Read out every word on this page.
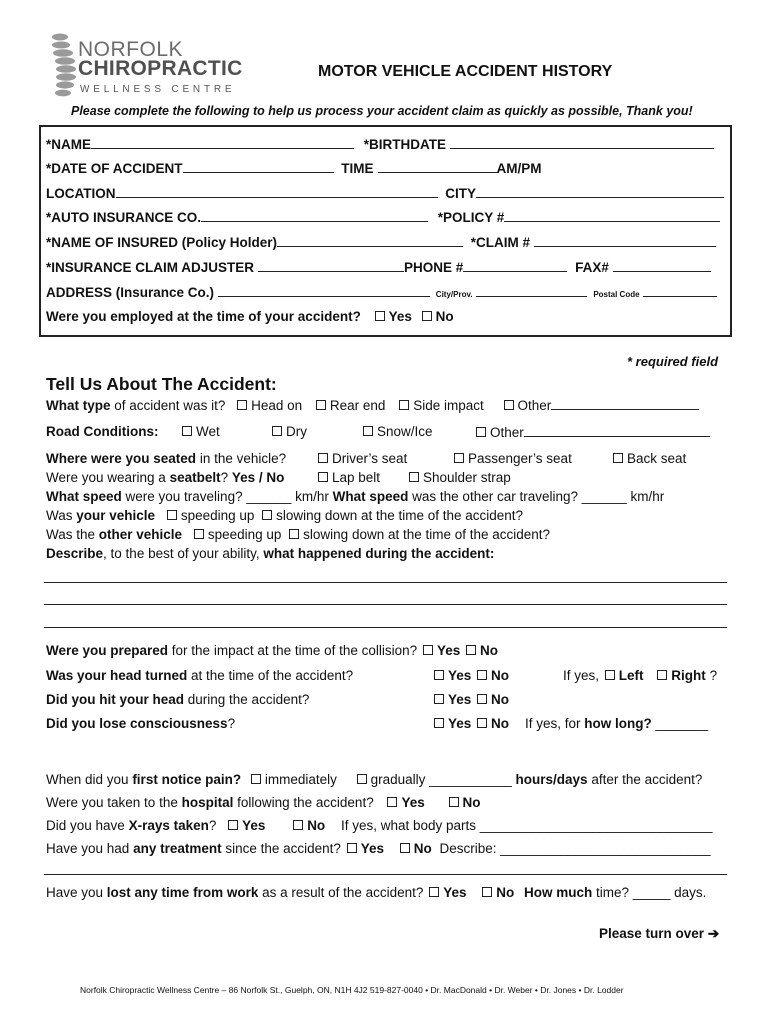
NORFOLK
CHIROPRACTIC
WELLNESS CENTRE
MOTOR VEHICLE ACCIDENT HISTORY
Please complete the following to help us process your accident claim as quickly as possible, Thank you!
*NAME	*BIRTHDATE
*DATE OF ACCIDENT	TIME	AM/PM
LOCATION	CITY
*AUTO INSURANCE CO.	*POLICY #
*NAME OF INSURED (Policy Holder)	*CLAIM #
*INSURANCE CLAIM ADJUSTER	PHONE #	FAX#
ADDRESS (Insurance Co.)	City/Prov.	Postal Code
Were you employed at the time of your accident? Yes No
* required field
Tell Us About The Accident:
What type of accident was it? Head on Rear end Side impact	Other
Road Conditions:	Wet	Dry	Snow/Ice	Other
Where were you seated in the vehicle?	Driver’s seat	Passenger’s seat	Back seat
Were you wearing a seatbelt? Yes / No	Lap belt	Shoulder strap
What speed were you traveling? ______ km/hr What speed was the other car traveling? ______ km/hr
Was your vehicle speeding up slowing down at the time of the accident?
Was the other vehicle speeding up slowing down at the time of the accident?
Describe, to the best of your ability, what happened during the accident:
Were you prepared for the impact at the time of the collision? Yes No
Was your head turned at the time of the accident?	Yes No	If yes, Left Right ?
Did you hit your head during the accident?	Yes No
Did you lose consciousness?	Yes No If yes, for how long? _______
When did you first notice pain? immediately	gradually ___________ hours/days after the accident?
Were you taken to the hospital following the accident? Yes	No
Did you have X-rays taken? Yes	No If yes, what body parts _______________________________
Have you had any treatment since the accident? Yes No Describe: ____________________________
Have you lost any time from work as a result of the accident? Yes No How much time? _____ days.
Please turn over ➔
Norfolk Chiropractic Wellness Centre – 86 Norfolk St., Guelph, ON, N1H 4J2 519-827-0040 • Dr. MacDonald • Dr. Weber • Dr. Jones • Dr. Lodder
